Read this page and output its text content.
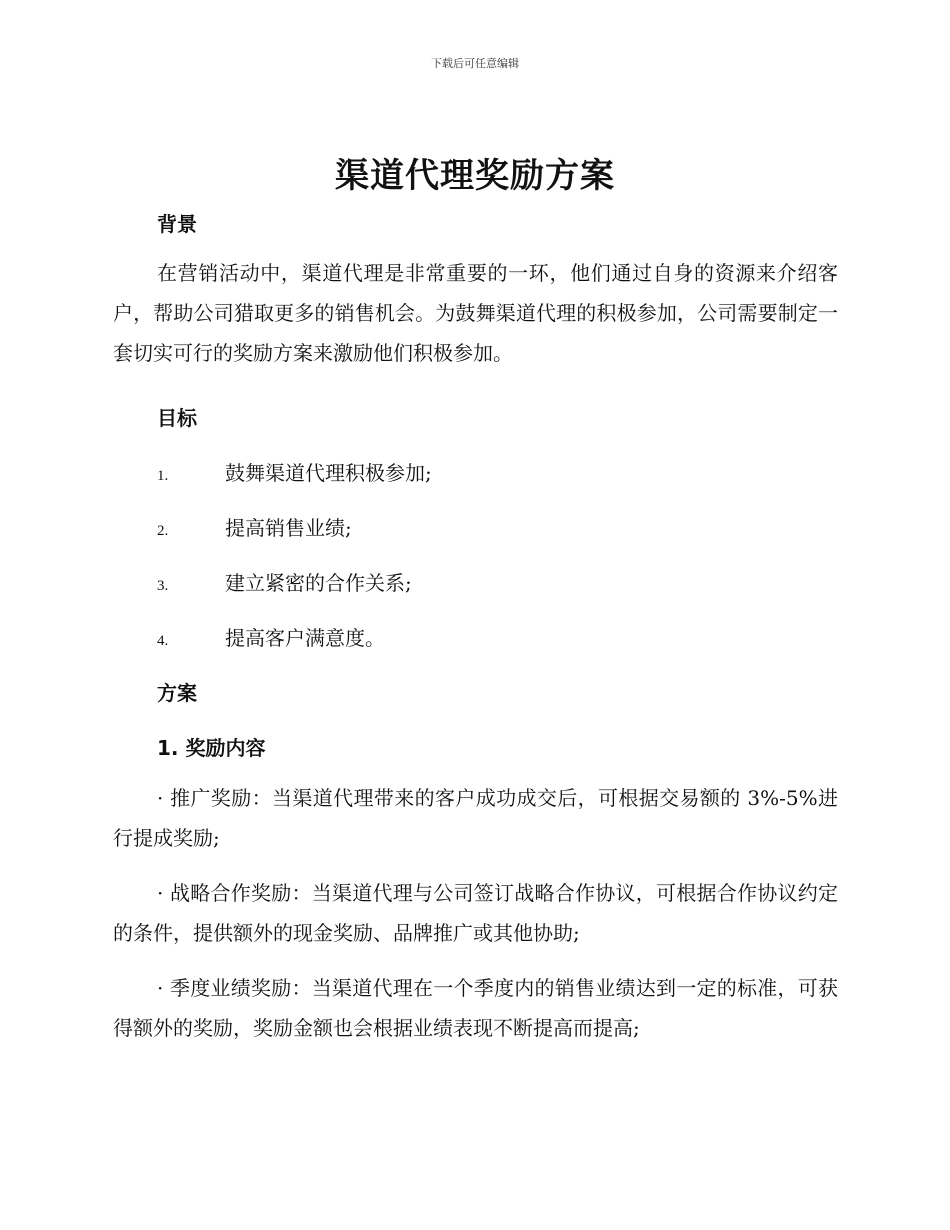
下载后可任意编辑
渠道代理奖励方案
背景
在营销活动中，渠道代理是非常重要的一环，他们通过自身的资源来介绍客户，帮助公司猎取更多的销售机会。为鼓舞渠道代理的积极参加，公司需要制定一套切实可行的奖励方案来激励他们积极参加。
目标
1.	鼓舞渠道代理积极参加;
2.	提高销售业绩;
3.	建立紧密的合作关系;
4.	提高客户满意度。
方案
1. 奖励内容
· 推广奖励：当渠道代理带来的客户成功成交后，可根据交易额的 3%-5%进行提成奖励;
· 战略合作奖励：当渠道代理与公司签订战略合作协议，可根据合作协议约定的条件，提供额外的现金奖励、品牌推广或其他协助;
· 季度业绩奖励：当渠道代理在一个季度内的销售业绩达到一定的标准，可获得额外的奖励，奖励金额也会根据业绩表现不断提高而提高;
